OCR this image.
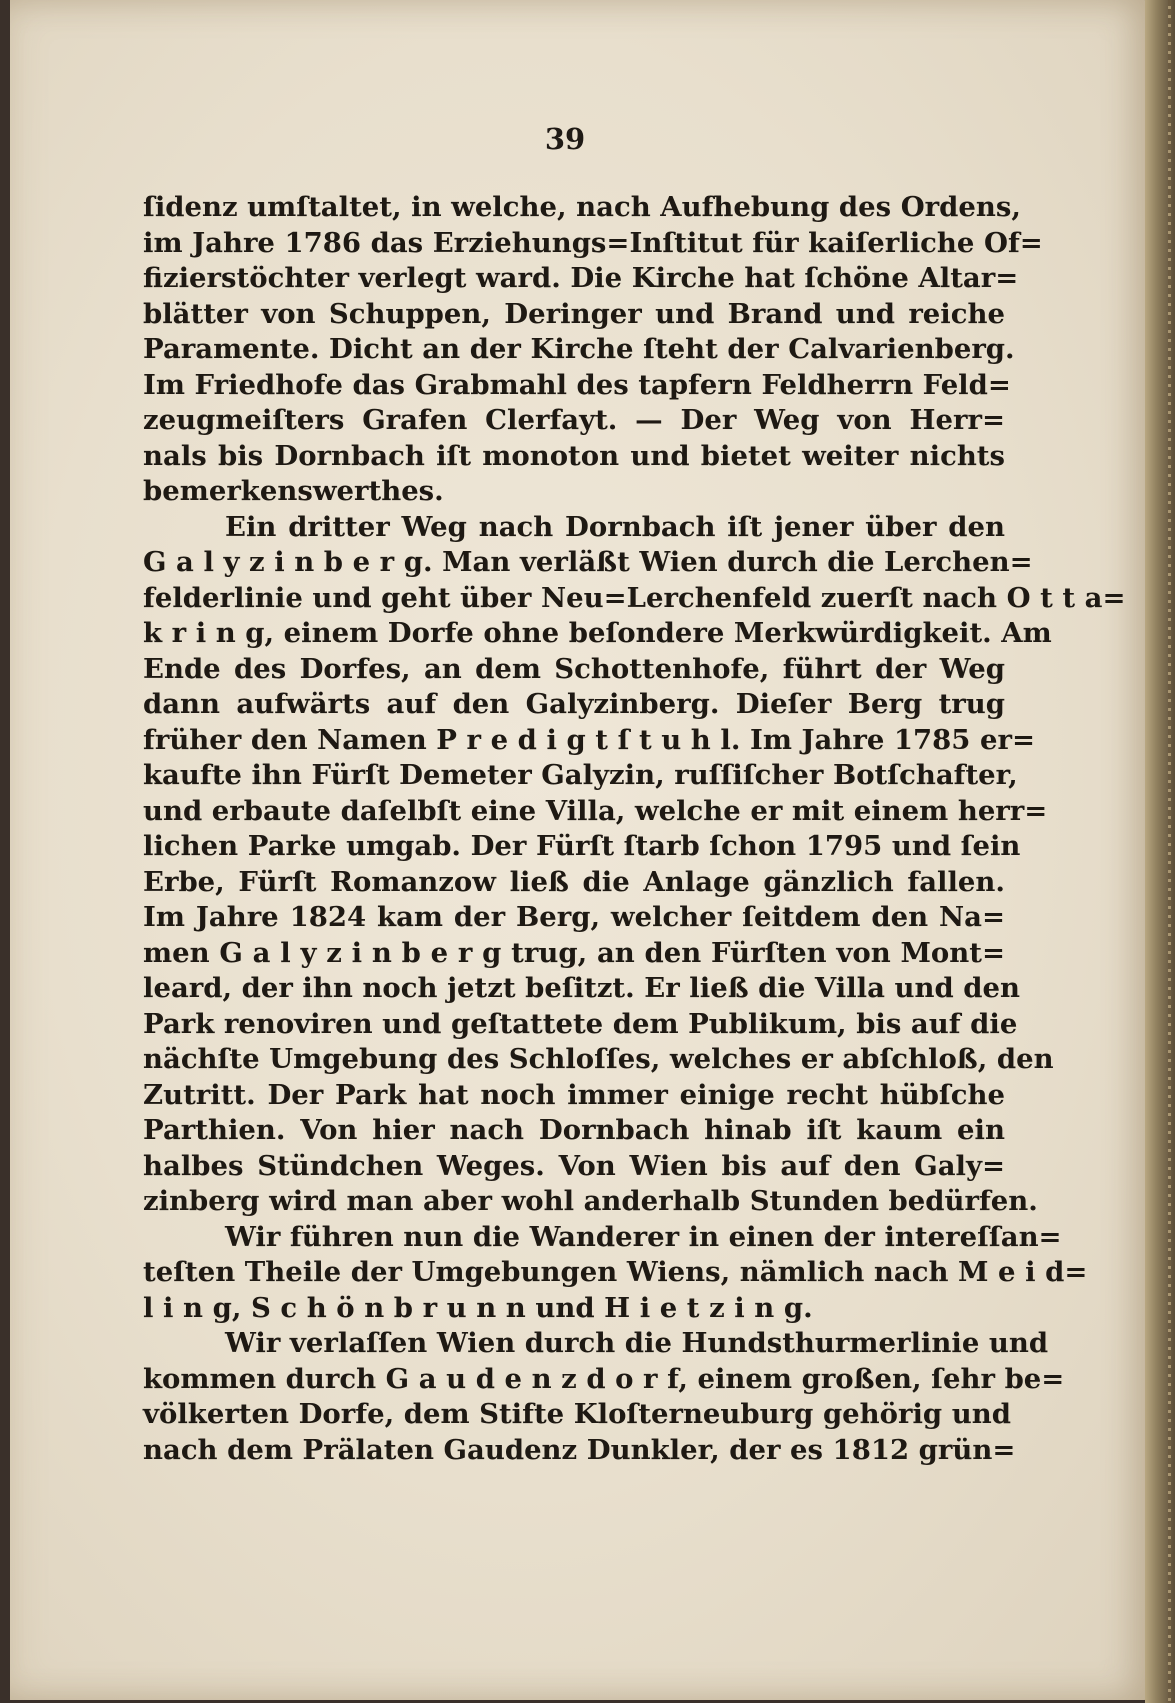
39
ſidenz umſtaltet, in welche, nach Aufhebung des Ordens,
im Jahre 1786 das Erziehungs=Inſtitut für kaiſerliche Of=
fizierstöchter verlegt ward. Die Kirche hat ſchöne Altar=
blätter von Schuppen, Deringer und Brand und reiche
Paramente. Dicht an der Kirche ſteht der Calvarienberg.
Im Friedhofe das Grabmahl des tapfern Feldherrn Feld=
zeugmeiſters Grafen Clerfayt. — Der Weg von Herr=
nals bis Dornbach iſt monoton und bietet weiter nichts
bemerkenswerthes.
Ein dritter Weg nach Dornbach iſt jener über den
G a l y z i n b e r g. Man verläßt Wien durch die Lerchen=
felderlinie und geht über Neu=Lerchenfeld zuerſt nach O t t a=
k r i n g, einem Dorfe ohne beſondere Merkwürdigkeit. Am
Ende des Dorfes, an dem Schottenhofe, führt der Weg
dann aufwärts auf den Galyzinberg. Dieſer Berg trug
früher den Namen P r e d i g t ſ t u h l. Im Jahre 1785 er=
kaufte ihn Fürſt Demeter Galyzin, ruſſiſcher Botſchafter,
und erbaute daſelbſt eine Villa, welche er mit einem herr=
lichen Parke umgab. Der Fürſt ſtarb ſchon 1795 und ſein
Erbe, Fürſt Romanzow ließ die Anlage gänzlich fallen.
Im Jahre 1824 kam der Berg, welcher ſeitdem den Na=
men G a l y z i n b e r g trug, an den Fürſten von Mont=
leard, der ihn noch jetzt beſitzt. Er ließ die Villa und den
Park renoviren und geſtattete dem Publikum, bis auf die
nächſte Umgebung des Schloſſes, welches er abſchloß, den
Zutritt. Der Park hat noch immer einige recht hübſche
Parthien. Von hier nach Dornbach hinab iſt kaum ein
halbes Stündchen Weges. Von Wien bis auf den Galy=
zinberg wird man aber wohl anderhalb Stunden bedürfen.
Wir führen nun die Wanderer in einen der intereſſan=
teſten Theile der Umgebungen Wiens, nämlich nach M e i d=
l i n g, S c h ö n b r u n n und H i e t z i n g.
Wir verlaſſen Wien durch die Hundsthurmerlinie und
kommen durch G a u d e n z d o r f, einem großen, ſehr be=
völkerten Dorfe, dem Stifte Kloſterneuburg gehörig und
nach dem Prälaten Gaudenz Dunkler, der es 1812 grün=
